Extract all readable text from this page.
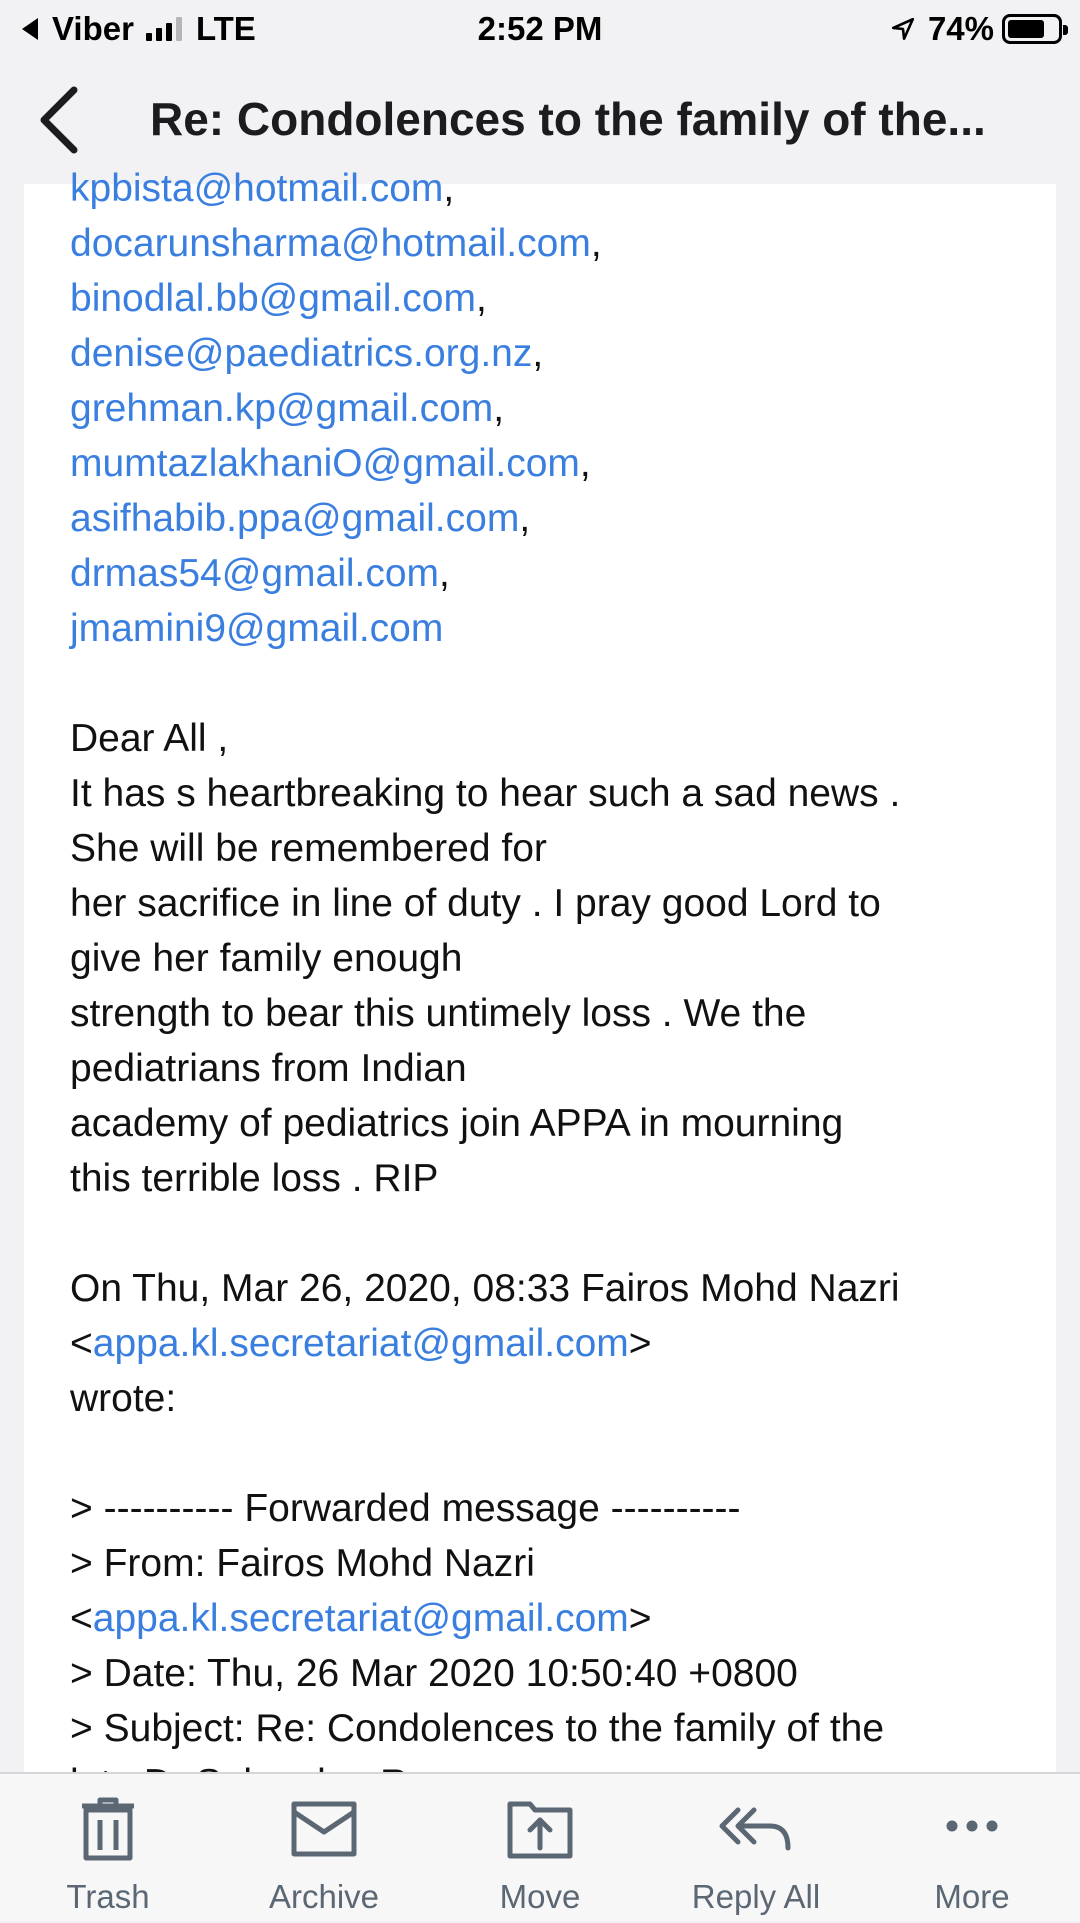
Viber LTE	2:52 PM	74%
Re: Condolences to the family of the...
kpbista@hotmail.com,
docarunsharma@hotmail.com,
binodlal.bb@gmail.com,
denise@paediatrics.org.nz,
grehman.kp@gmail.com,
mumtazlakhaniO@gmail.com,
asifhabib.ppa@gmail.com,
drmas54@gmail.com,
jmamini9@gmail.com
Dear All ,
It has s heartbreaking to hear such a sad news .
She will be remembered for
her sacrifice in line of duty . I pray good Lord to
give her family enough
strength to bear this untimely loss . We the
pediatrians from Indian
academy of pediatrics join APPA in mourning
this terrible loss . RIP
On Thu, Mar 26, 2020, 08:33 Fairos Mohd Nazri
<appa.kl.secretariat@gmail.com>
wrote:
> ---------- Forwarded message ----------
> From: Fairos Mohd Nazri
<appa.kl.secretariat@gmail.com>
> Date: Thu, 26 Mar 2020 10:50:40 +0800
> Subject: Re: Condolences to the family of the
Trash	Archive	Move	Reply All	More
